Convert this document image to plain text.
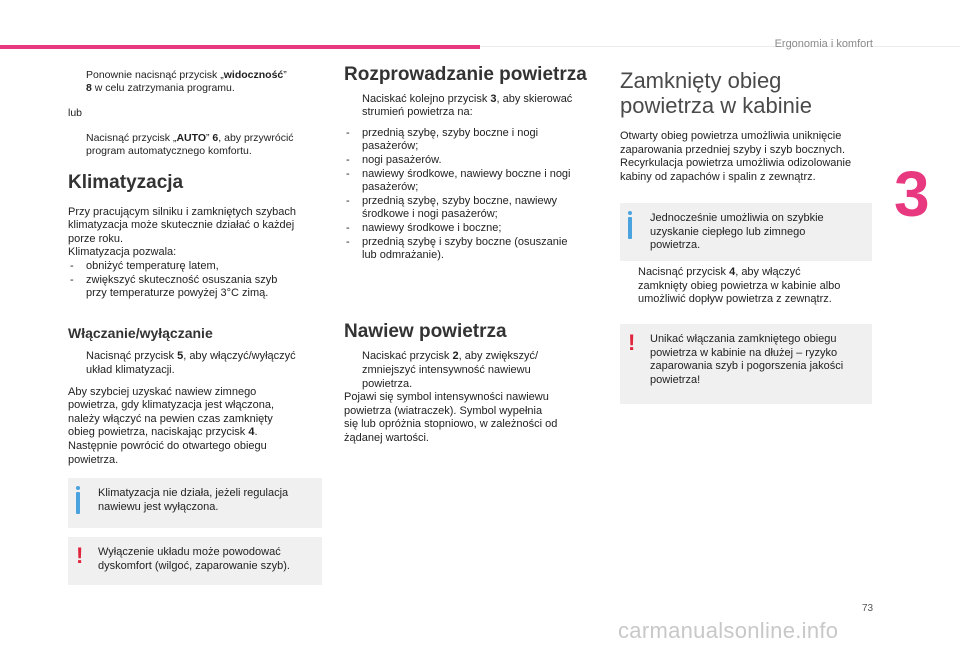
Ergonomia i komfort
3

Ponownie nacisnąć przycisk „widoczność”
8 w celu zatrzymania programu.

lub

Nacisnąć przycisk „AUTO” 6, aby przywrócić
program automatycznego komfortu.

Klimatyzacja

Przy pracującym silniku i zamkniętych szybach
klimatyzacja może skutecznie działać o każdej
porze roku.
Klimatyzacja pozwala:

- obniżyć temperaturę latem,

- zwiększyć skuteczność osuszania szyb
przy temperaturze powyżej 3°C zimą.

Włączanie/wyłączanie

Nacisnąć przycisk 5, aby włączyć/wyłączyć
układ klimatyzacji.

Aby szybciej uzyskać nawiew zimnego
powietrza, gdy klimatyzacja jest włączona,
należy włączyć na pewien czas zamknięty
obieg powietrza, naciskając przycisk 4.
Następnie powrócić do otwartego obiegu
powietrza.

Klimatyzacja nie działa, jeżeli regulacja
nawiewu jest wyłączona.
! Wyłączenie układu może powodować
dyskomfort (wilgoć, zaparowanie szyb).
Rozprowadzanie powietrza

Naciskać kolejno przycisk 3, aby skierować
strumień powietrza na:

- przednią szybę, szyby boczne i nogi
pasażerów;

- nogi pasażerów.

- nawiewy środkowe, nawiewy boczne i nogi
pasażerów;

- przednią szybę, szyby boczne, nawiewy
środkowe i nogi pasażerów;

- nawiewy środkowe i boczne;

- przednią szybę i szyby boczne (osuszanie
lub odmrażanie).

Nawiew powietrza

Naciskać przycisk 2, aby zwiększyć/
zmniejszyć intensywność nawiewu
powietrza.

Pojawi się symbol intensywności nawiewu
powietrza (wiatraczek). Symbol wypełnia
się lub opróżnia stopniowo, w zależności od
żądanej wartości.

Zamknięty obieg
powietrza w kabinie

Otwarty obieg powietrza umożliwia uniknięcie
zaparowania przedniej szyby i szyb bocznych.
Recyrkulacja powietrza umożliwia odizolowanie
kabiny od zapachów i spalin z zewnątrz.

Jednocześnie umożliwia on szybkie
uzyskanie ciepłego lub zimnego
powietrza.

Nacisnąć przycisk 4, aby włączyć
zamknięty obieg powietrza w kabinie albo
umożliwić dopływ powietrza z zewnątrz.

! Unikać włączania zamkniętego obiegu
powietrza w kabinie na dłużej – ryzyko
zaparowania szyb i pogorszenia jakości
powietrza!
73
carmanualsonline.info
